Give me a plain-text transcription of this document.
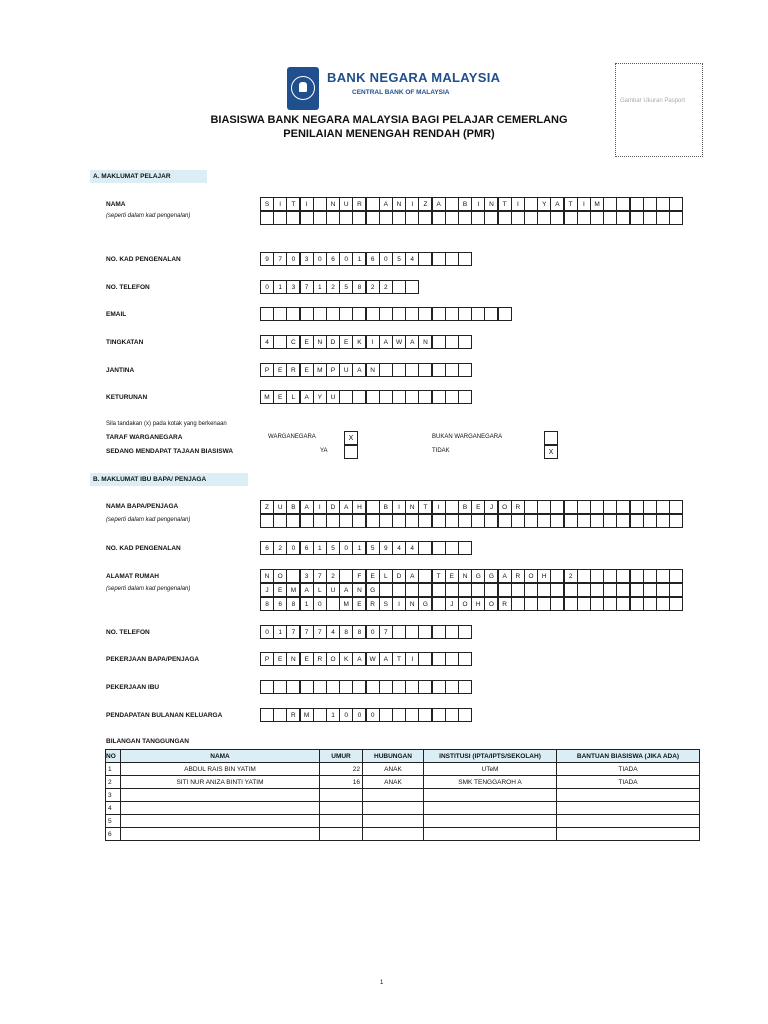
BANK NEGARA MALAYSIA
CENTRAL BANK OF MALAYSIA
Gambar Ukuran Pasport
BIASISWA BANK NEGARA MALAYSIA BAGI PELAJAR CEMERLANG
PENILAIAN MENENGAH RENDAH (PMR)
A. MAKLUMAT PELAJAR
NAMA
(seperti dalam kad pengenalan)
S	I	T	I	N	U	R	A	N	I	Z	A	B	I	N	T	I	Y	A	T	I	M
NO. KAD PENGENALAN	9	7	0	3	0	6	0	1	6	0	5	4
NO. TELEFON	0	1	3	7	1	2	5	8	2	2
EMAIL
TINGKATAN	4	C	E	N	D	E	K	I	A	W	A	N
JANTINA	P	E	R	E	M	P	U	A	N
KETURUNAN	M	E	L	A	Y	U
Sila tandakan (x) pada kotak yang berkenaan
TARAF WARGANEGARA
SEDANG MENDAPAT TAJAAN BIASISWA
WARGANEGARA	X
YA
BUKAN WARGANEGARA
TIDAK	X
B. MAKLUMAT IBU BAPA/ PENJAGA
NAMA BAPA/PENJAGA
(seperti dalam kad pengenalan)
Z	U	B	A	I	D	A	H	B	I	N	T	I	B	E	J	O	R
NO. KAD PENGENALAN	6	2	0	6	1	5	0	1	5	9	4	4
ALAMAT RUMAH
(seperti dalam kad pengenalan)
N	O	3	7	2	F	E	L	D	A	T	E	N	G	G	A	R	O	H	2
J	E	M	A	L	U	A	N	G
8	6	8	1	0	M	E	R	S	I	N	G	J	O	H	O	R
NO. TELEFON	0	1	7	7	7	4	8	8	0	7
PEKERJAAN BAPA/PENJAGA	P	E	N	E	R	O	K	A	W	A	T	I
PEKERJAAN IBU
PENDAPATAN BULANAN KELUARGA	R	M	1	0	0	0
BILANGAN TANGGUNGAN
NO	NAMA	UMUR	HUBUNGAN	INSTITUSI (IPTA/IPTS/SEKOLAH)	BANTUAN BIASISWA (JIKA ADA)
1	ABDUL RAIS BIN YATIM	22	ANAK	UTeM	TIADA
2	SITI NUR ANIZA BINTI YATIM	16	ANAK	SMK TENGGAROH A	TIADA
3					
4					
5					
6					
1
